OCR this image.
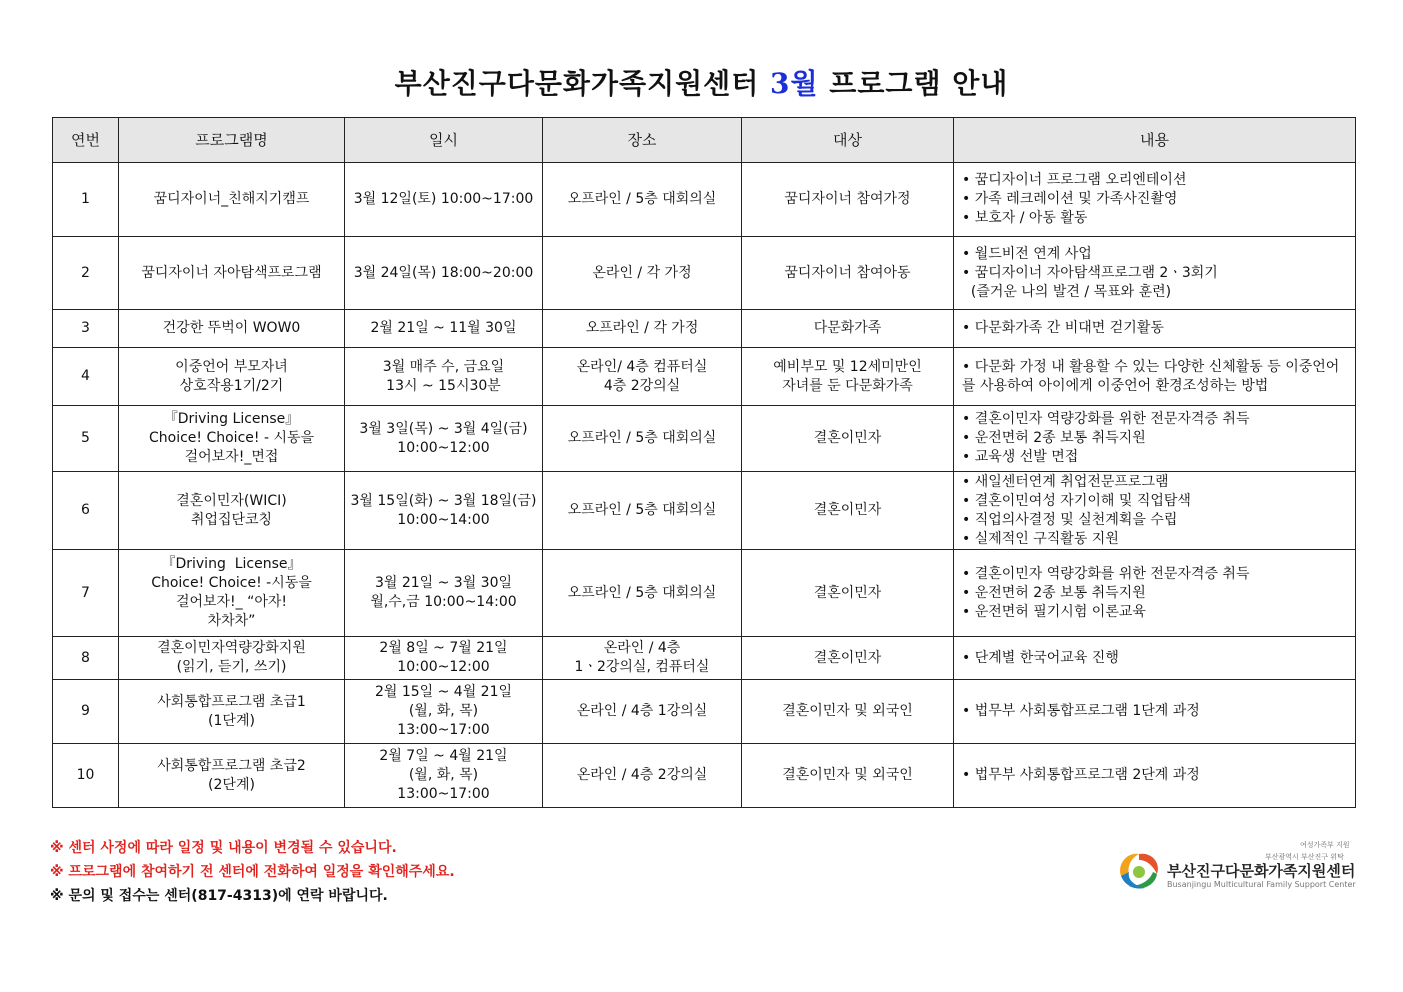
부산진구다문화가족지원센터 3월 프로그램 안내
연번	프로그램명	일시	장소	대상	내용
1	꿈디자이너_친해지기캠프	3월 12일(토) 10:00~17:00	오프라인 / 5층 대회의실	꿈디자이너 참여가정	• 꿈디자이너 프로그램 오리엔테이션
• 가족 레크레이션 및 가족사진촬영
• 보호자 / 아동 활동

2	꿈디자이너 자아탐색프로그램	3월 24일(목) 18:00~20:00	온라인 / 각 가정	꿈디자이너 참여아동	• 월드비전 연계 사업
• 꿈디자이너 자아탐색프로그램 2ㆍ3회기
(즐거운 나의 발견 / 목표와 훈련)

3	건강한 뚜벅이 WOW0	2월 21일 ~ 11월 30일	오프라인 / 각 가정	다문화가족	• 다문화가족 간 비대면 걷기활동

4	이중언어 부모자녀
상호작용1기/2기	3월 매주 수, 금요일
13시 ~ 15시30분	온라인/ 4층 컴퓨터실
4층 2강의실	예비부모 및 12세미만인
자녀를 둔 다문화가족	• 다문화 가정 내 활용할 수 있는 다양한 신체활동 등 이중언어를 사용하여 아이에게 이중언어 환경조성하는 방법

5	『Driving License』
Choice! Choice! - 시동을
걸어보자!_면접	3월 3일(목) ~ 3월 4일(금)
10:00~12:00	오프라인 / 5층 대회의실	결혼이민자	• 결혼이민자 역량강화를 위한 전문자격증 취득
• 운전면허 2종 보통 취득지원
• 교육생 선발 면접

6	결혼이민자(WICI)
취업집단코칭	3월 15일(화) ~ 3월 18일(금)
10:00~14:00	오프라인 / 5층 대회의실	결혼이민자	• 새일센터연계 취업전문프로그램
• 결혼이민여성 자기이해 및 직업탐색
• 직업의사결정 및 실천계획을 수립
• 실제적인 구직활동 지원

7	『Driving  License』
Choice! Choice! -시동을
걸어보자!_ “아자!
차차차”	3월 21일 ~ 3월 30일
월,수,금 10:00~14:00	오프라인 / 5층 대회의실	결혼이민자	• 결혼이민자 역량강화를 위한 전문자격증 취득
• 운전면허 2종 보통 취득지원
• 운전면허 필기시험 이론교육

8	결혼이민자역량강화지원
(읽기, 듣기, 쓰기)	2월 8일 ~ 7월 21일
10:00~12:00	온라인 / 4층
1ㆍ2강의실, 컴퓨터실	결혼이민자	• 단계별 한국어교육 진행

9	사회통합프로그램 초급1
(1단계)	2월 15일 ~ 4월 21일
(월, 화, 목)
13:00~17:00	온라인 / 4층 1강의실	결혼이민자 및 외국인	• 법무부 사회통합프로그램 1단계 과정

10	사회통합프로그램 초급2
(2단계)	2월 7일 ~ 4월 21일
(월, 화, 목)
13:00~17:00	온라인 / 4층 2강의실	결혼이민자 및 외국인	• 법무부 사회통합프로그램 2단계 과정
※ 센터 사정에 따라 일정 및 내용이 변경될 수 있습니다.
※ 프로그램에 참여하기 전 센터에 전화하여 일정을 확인해주세요.
※ 문의 및 접수는 센터(817-4313)에 연락 바랍니다.
여성가족부 지원
부산광역시 부산진구 위탁
부산진구다문화가족지원센터
Busanjingu Multicultural Family Support Center
